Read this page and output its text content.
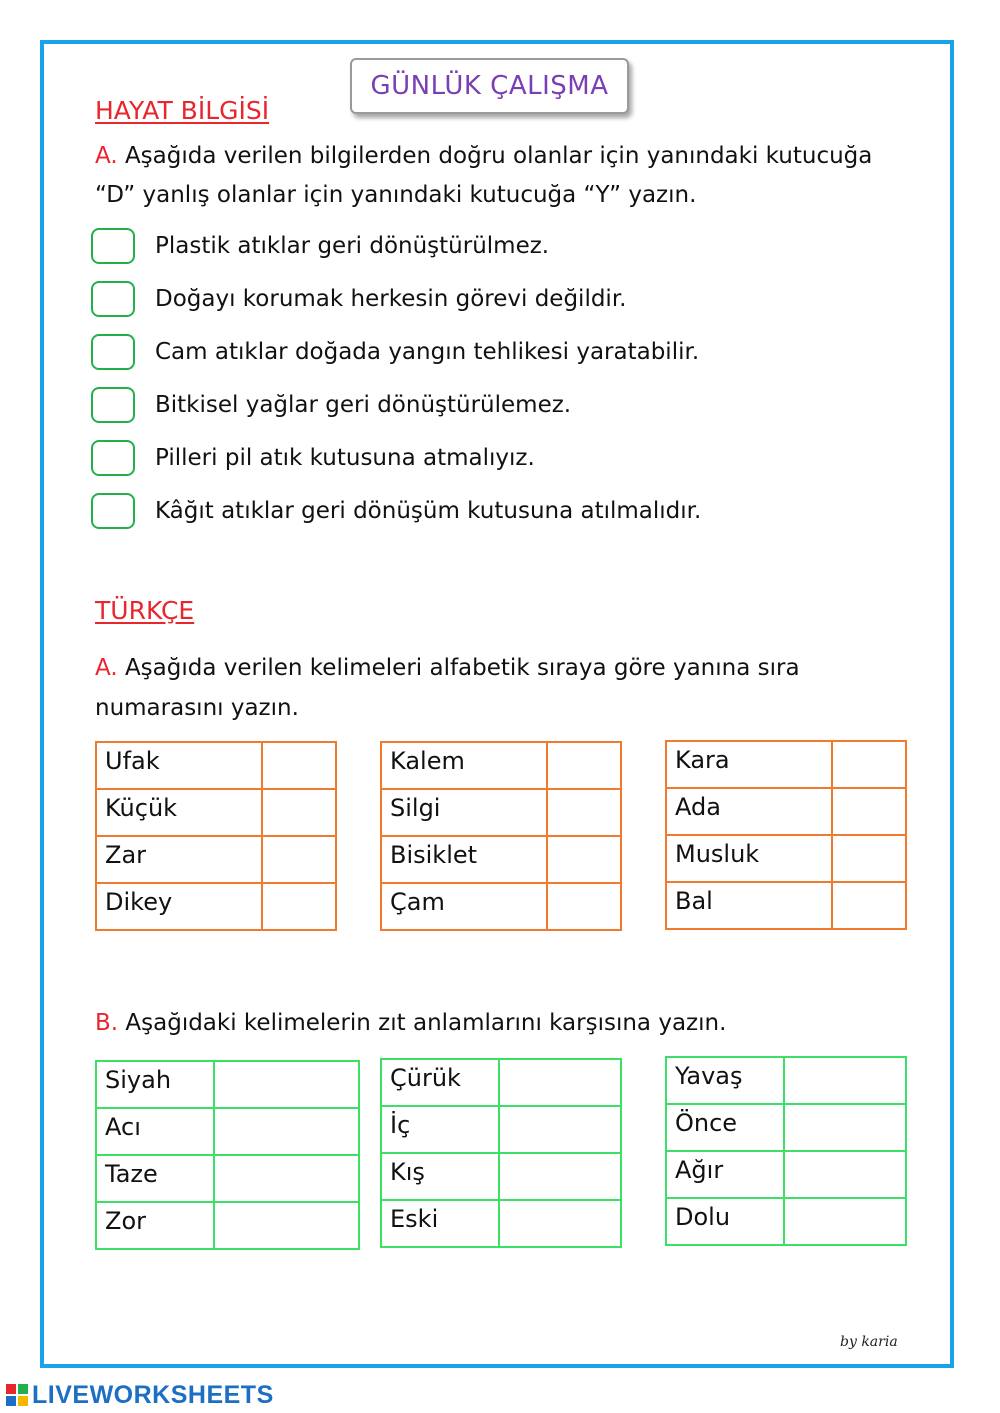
GÜNLÜK ÇALIŞMA
HAYAT BİLGİSİ
A. Aşağıda verilen bilgilerden doğru olanlar için yanındaki kutucuğa
“D” yanlış olanlar için yanındaki kutucuğa “Y” yazın.
Plastik atıklar geri dönüştürülmez.
Doğayı korumak herkesin görevi değildir.
Cam atıklar doğada yangın tehlikesi yaratabilir.
Bitkisel yağlar geri dönüştürülemez.
Pilleri pil atık kutusuna atmalıyız.
Kâğıt atıklar geri dönüşüm kutusuna atılmalıdır.
TÜRKÇE
A. Aşağıda verilen kelimeleri alfabetik sıraya göre yanına sıra
numarasını yazın.
Ufak	
Küçük	
Zar	
Dikey	
Kalem	
Silgi	
Bisiklet	
Çam	
Kara	
Ada	
Musluk	
Bal	
B. Aşağıdaki kelimelerin zıt anlamlarını karşısına yazın.
Siyah	
Acı	
Taze	
Zor	
Çürük	
İç	
Kış	
Eski	
Yavaş	
Önce	
Ağır	
Dolu	
by karia
LIVEWORKSHEETS
